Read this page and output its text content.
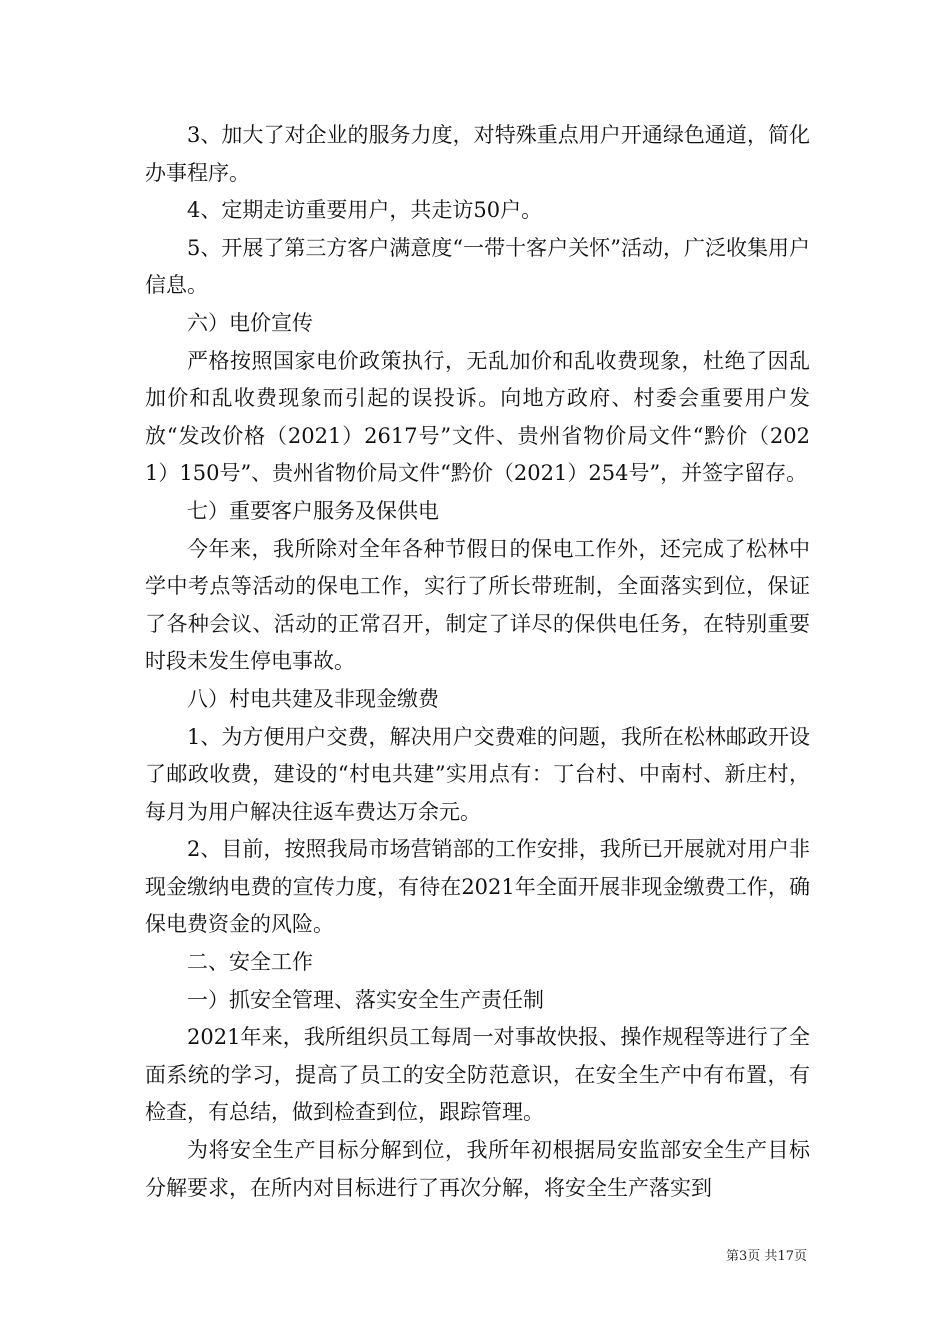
3、加大了对企业的服务力度，对特殊重点用户开通绿色通道，简化办事程序。

4、定期走访重要用户，共走访50户。

5、开展了第三方客户满意度“一带十客户关怀”活动，广泛收集用户信息。

六）电价宣传

严格按照国家电价政策执行，无乱加价和乱收费现象，杜绝了因乱加价和乱收费现象而引起的误投诉。向地方政府、村委会重要用户发放“发改价格（2021）2617号”文件、贵州省物价局文件“黔价（2021）150号”、贵州省物价局文件“黔价（2021）254号”，并签字留存。

七）重要客户服务及保供电

今年来，我所除对全年各种节假日的保电工作外，还完成了松林中学中考点等活动的保电工作，实行了所长带班制，全面落实到位，保证了各种会议、活动的正常召开，制定了详尽的保供电任务，在特别重要时段未发生停电事故。

八）村电共建及非现金缴费

1、为方便用户交费，解决用户交费难的问题，我所在松林邮政开设了邮政收费，建设的“村电共建”实用点有：丁台村、中南村、新庄村，每月为用户解决往返车费达万余元。

2、目前，按照我局市场营销部的工作安排，我所已开展就对用户非现金缴纳电费的宣传力度，有待在2021年全面开展非现金缴费工作，确保电费资金的风险。

二、安全工作

一）抓安全管理、落实安全生产责任制

2021年来，我所组织员工每周一对事故快报、操作规程等进行了全面系统的学习，提高了员工的安全防范意识，在安全生产中有布置，有检查，有总结，做到检查到位，跟踪管理。

为将安全生产目标分解到位，我所年初根据局安监部安全生产目标分解要求，在所内对目标进行了再次分解，将安全生产落实到

第3页 共17页
